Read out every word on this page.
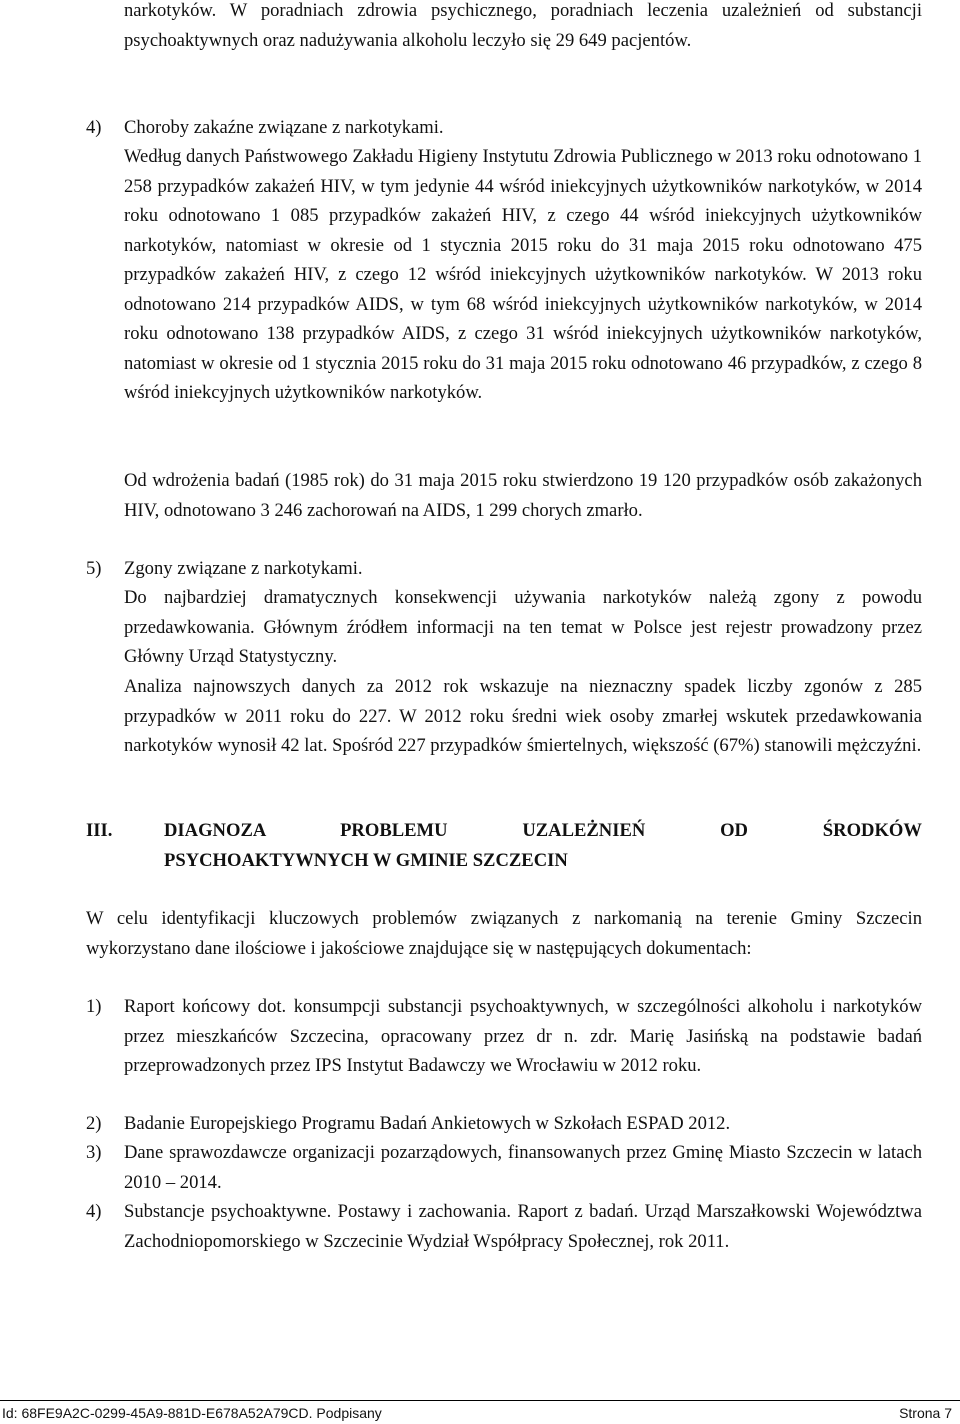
narkotyków. W poradniach zdrowia psychicznego, poradniach leczenia uzależnień od substancji psychoaktywnych oraz nadużywania alkoholu leczyło się 29 649 pacjentów.

4) Choroby zakaźne związane z narkotykami.

Według danych Państwowego Zakładu Higieny Instytutu Zdrowia Publicznego w 2013 roku odnotowano 1 258 przypadków zakażeń HIV, w tym jedynie 44 wśród iniekcyjnych użytkowników narkotyków, w 2014 roku odnotowano 1 085 przypadków zakażeń HIV, z czego 44 wśród iniekcyjnych użytkowników narkotyków, natomiast w okresie od 1 stycznia 2015 roku do 31 maja 2015 roku odnotowano 475 przypadków zakażeń HIV, z czego 12 wśród iniekcyjnych użytkowników narkotyków. W 2013 roku odnotowano 214 przypadków AIDS, w tym 68 wśród iniekcyjnych użytkowników narkotyków, w 2014 roku odnotowano 138 przypadków AIDS, z czego 31 wśród iniekcyjnych użytkowników narkotyków, natomiast w okresie od 1 stycznia 2015 roku do 31 maja 2015 roku odnotowano 46 przypadków, z czego 8 wśród iniekcyjnych użytkowników narkotyków.

Od wdrożenia badań (1985 rok) do 31 maja 2015 roku stwierdzono 19 120 przypadków osób zakażonych HIV, odnotowano 3 246 zachorowań na AIDS, 1 299 chorych zmarło.

5) Zgony związane z narkotykami.

Do najbardziej dramatycznych konsekwencji używania narkotyków należą zgony z powodu przedawkowania. Głównym źródłem informacji na ten temat w Polsce jest rejestr prowadzony przez Główny Urząd Statystyczny.

Analiza najnowszych danych za 2012 rok wskazuje na nieznaczny spadek liczby zgonów z 285 przypadków w 2011 roku do 227. W 2012 roku średni wiek osoby zmarłej wskutek przedawkowania narkotyków wynosił 42 lat. Spośród 227 przypadków śmiertelnych, większość (67%) stanowili mężczyźni.

III.	DIAGNOZA PROBLEMU UZALEŻNIEŃ OD ŚRODKÓW
PSYCHOAKTYWNYCH W GMINIE SZCZECIN

W celu identyfikacji kluczowych problemów związanych z narkomanią na terenie Gminy Szczecin wykorzystano dane ilościowe i jakościowe znajdujące się w następujących dokumentach:

1) Raport końcowy dot. konsumpcji substancji psychoaktywnych, w szczególności alkoholu i narkotyków przez mieszkańców Szczecina, opracowany przez dr n. zdr. Marię Jasińską na podstawie badań przeprowadzonych przez IPS Instytut Badawczy we Wrocławiu w 2012 roku.

2) Badanie Europejskiego Programu Badań Ankietowych w Szkołach ESPAD 2012.

3) Dane sprawozdawcze organizacji pozarządowych, finansowanych przez Gminę Miasto Szczecin w latach 2010 – 2014.

4) Substancje psychoaktywne. Postawy i zachowania. Raport z badań. Urząd Marszałkowski Województwa Zachodniopomorskiego w Szczecinie Wydział Współpracy Społecznej, rok 2011.

Id: 68FE9A2C-0299-45A9-881D-E678A52A79CD. Podpisany	Strona 7
